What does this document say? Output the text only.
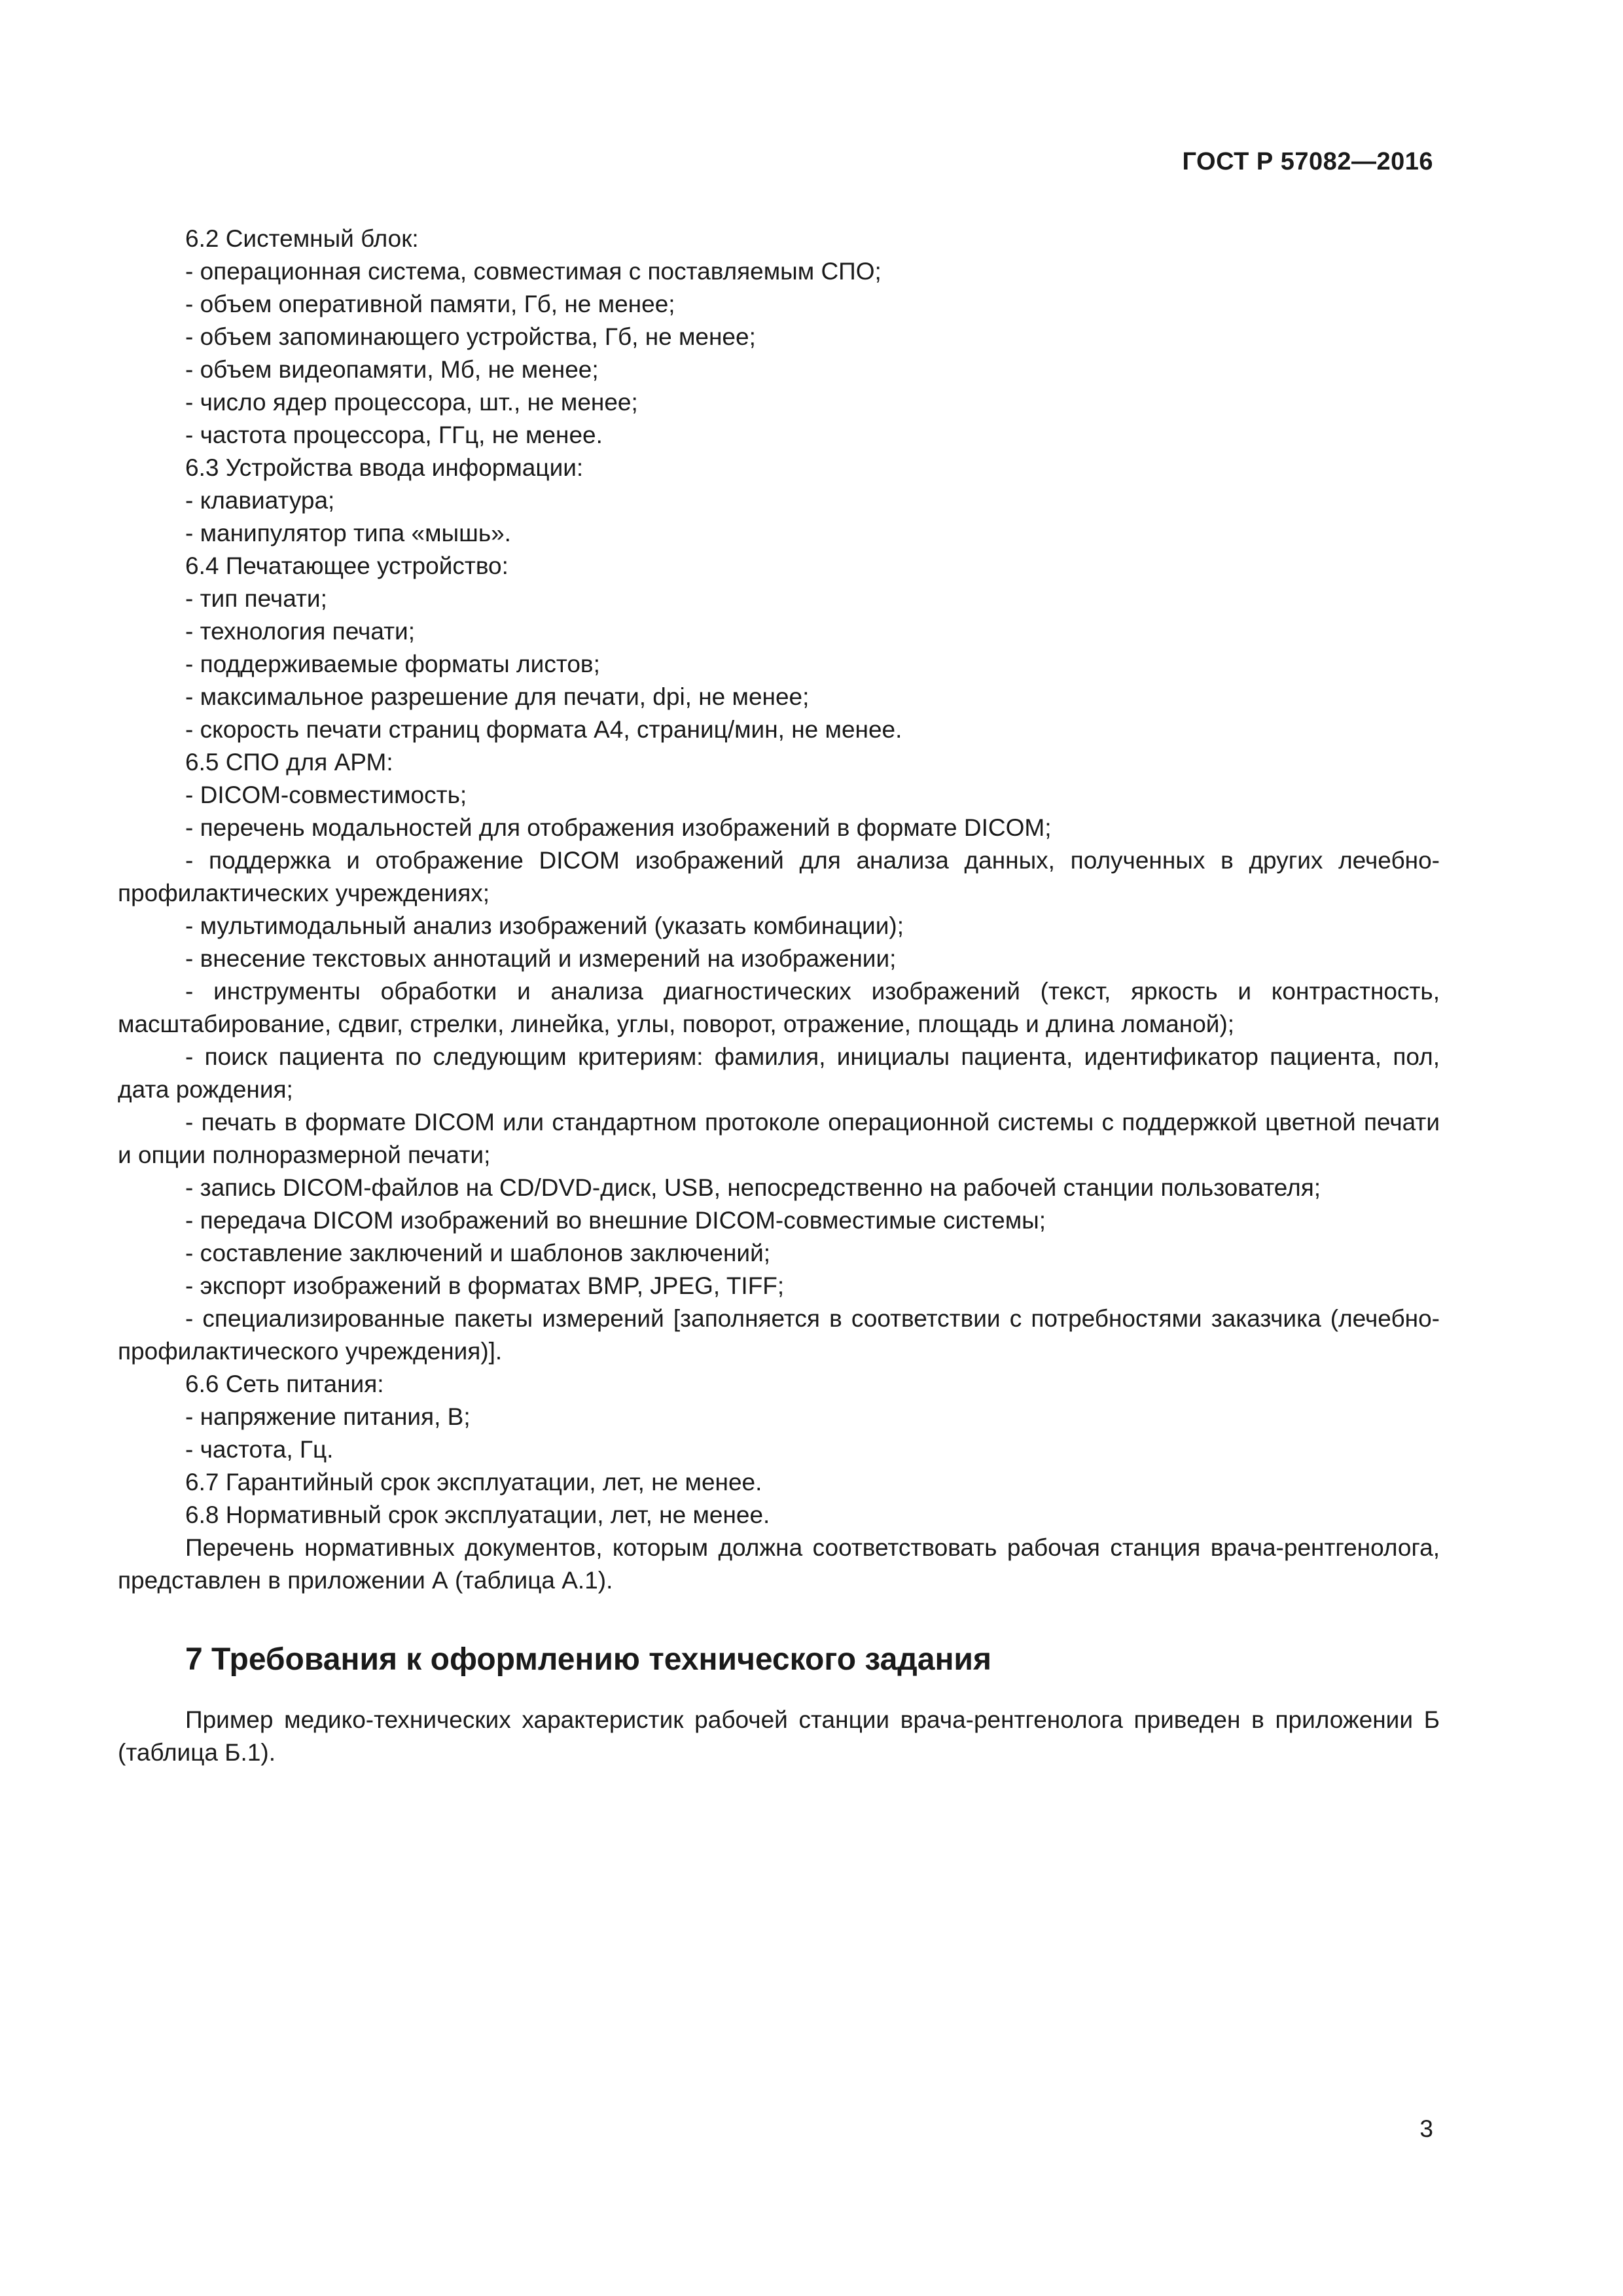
ГОСТ Р 57082—2016

6.2 Системный блок:

- операционная система, совместимая с поставляемым СПО;

- объем оперативной памяти, Гб, не менее;

- объем запоминающего устройства, Гб, не менее;

- объем видеопамяти, Мб, не менее;

- число ядер процессора, шт., не менее;

- частота процессора, ГГц, не менее.

6.3 Устройства ввода информации:

- клавиатура;

- манипулятор типа «мышь».

6.4 Печатающее устройство:

- тип печати;

- технология печати;

- поддерживаемые форматы листов;

- максимальное разрешение для печати, dpi, не менее;

- скорость печати страниц формата А4, страниц/мин, не менее.

6.5 СПО для АРМ:

- DICOM-совместимость;

- перечень модальностей для отображения изображений в формате DICOM;

- поддержка и отображение DICOM изображений для анализа данных, полученных в других лечебно-профилактических учреждениях;

- мультимодальный анализ изображений (указать комбинации);

- внесение текстовых аннотаций и измерений на изображении;

- инструменты обработки и анализа диагностических изображений (текст, яркость и контрастность, масштабирование, сдвиг, стрелки, линейка, углы, поворот, отражение, площадь и длина ломаной);

- поиск пациента по следующим критериям: фамилия, инициалы пациента, идентификатор пациента, пол, дата рождения;

- печать в формате DICOM или стандартном протоколе операционной системы с поддержкой цветной печати и опции полноразмерной печати;

- запись DICOM-файлов на CD/DVD-диск, USB, непосредственно на рабочей станции пользователя;

- передача DICOM изображений во внешние DICOM-совместимые системы;

- составление заключений и шаблонов заключений;

- экспорт изображений в форматах BMP, JPEG, TIFF;

- специализированные пакеты измерений [заполняется в соответствии с потребностями заказчика (лечебно-профилактического учреждения)].

6.6 Сеть питания:

- напряжение питания, В;

- частота, Гц.

6.7 Гарантийный срок эксплуатации, лет, не менее.

6.8 Нормативный срок эксплуатации, лет, не менее.

Перечень нормативных документов, которым должна соответствовать рабочая станция врача-рентгенолога, представлен в приложении А (таблица А.1).

7 Требования к оформлению технического задания

Пример медико-технических характеристик рабочей станции врача-рентгенолога приведен в приложении Б (таблица Б.1).

3
